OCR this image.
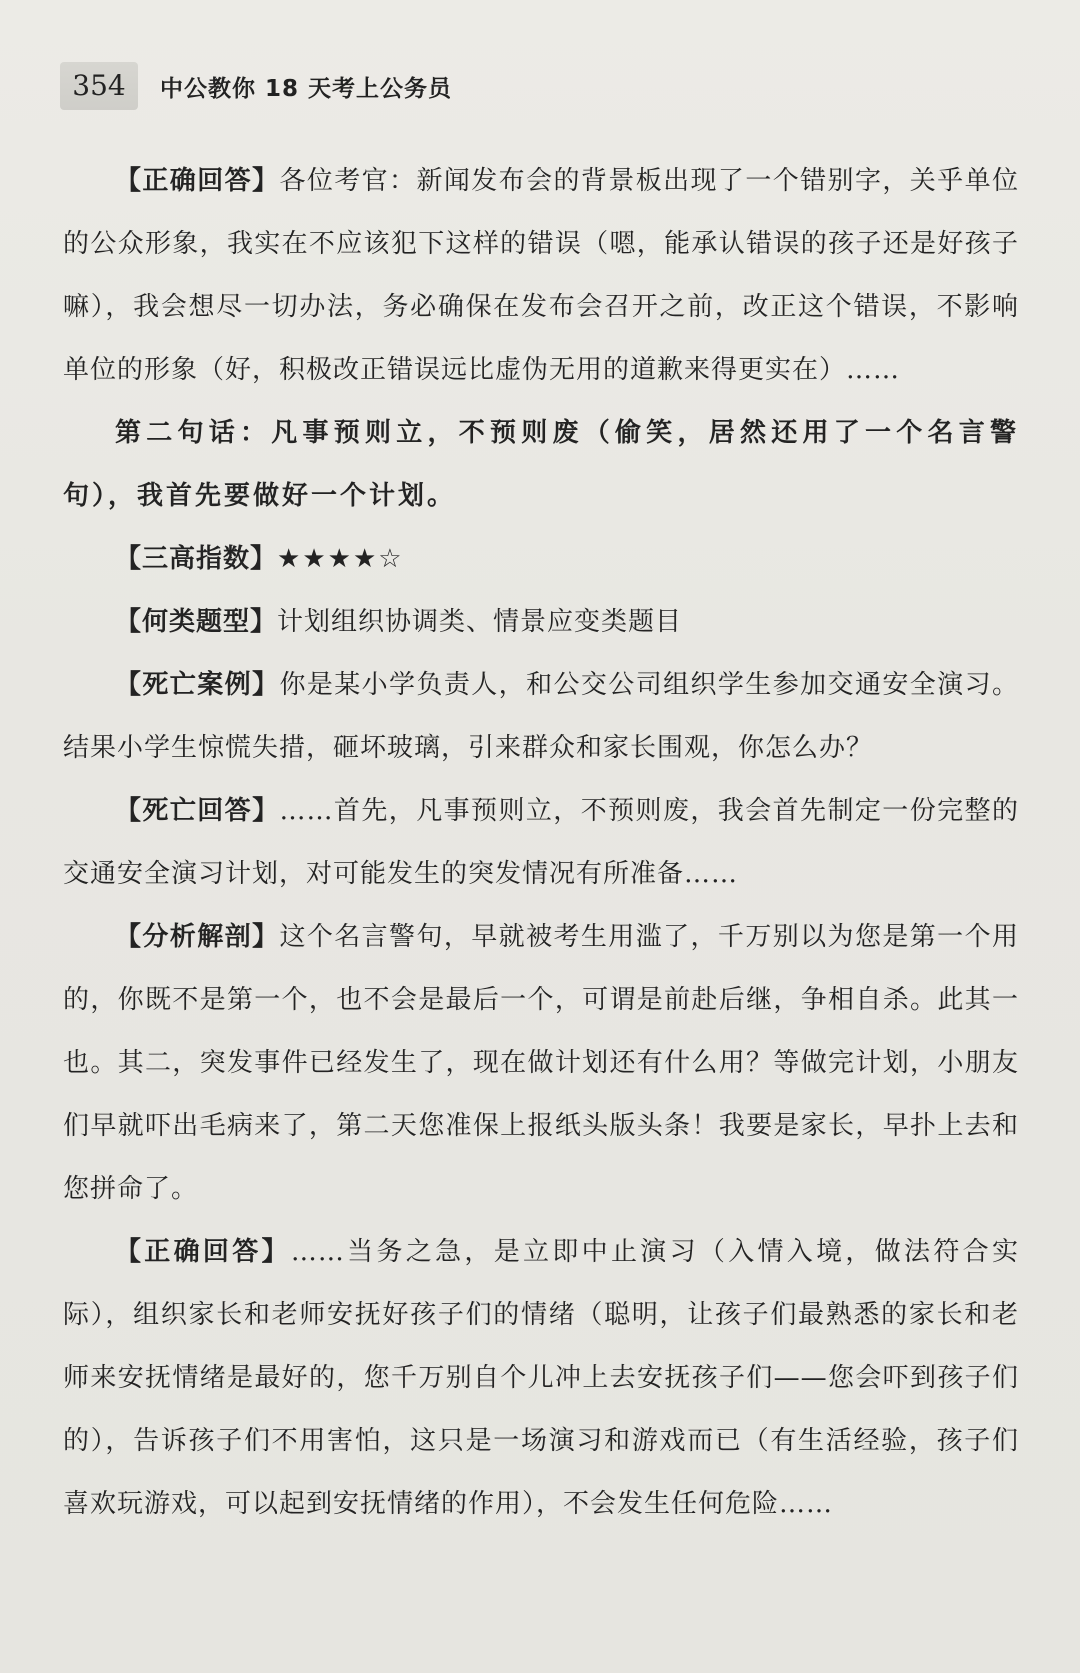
354	中公教你 18 天考上公务员

【正确回答】各位考官：新闻发布会的背景板出现了一个错别字，关乎单位的公众形象，我实在不应该犯下这样的错误（嗯，能承认错误的孩子还是好孩子嘛），我会想尽一切办法，务必确保在发布会召开之前，改正这个错误，不影响单位的形象（好，积极改正错误远比虚伪无用的道歉来得更实在）……

第二句话：凡事预则立，不预则废（偷笑，居然还用了一个名言警句），我首先要做好一个计划。

【三高指数】★★★★☆

【何类题型】计划组织协调类、情景应变类题目

【死亡案例】你是某小学负责人，和公交公司组织学生参加交通安全演习。结果小学生惊慌失措，砸坏玻璃，引来群众和家长围观，你怎么办？

【死亡回答】……首先，凡事预则立，不预则废，我会首先制定一份完整的交通安全演习计划，对可能发生的突发情况有所准备……

【分析解剖】这个名言警句，早就被考生用滥了，千万别以为您是第一个用的，你既不是第一个，也不会是最后一个，可谓是前赴后继，争相自杀。此其一也。其二，突发事件已经发生了，现在做计划还有什么用？等做完计划，小朋友们早就吓出毛病来了，第二天您准保上报纸头版头条！我要是家长，早扑上去和您拼命了。

【正确回答】……当务之急，是立即中止演习（入情入境，做法符合实际），组织家长和老师安抚好孩子们的情绪（聪明，让孩子们最熟悉的家长和老师来安抚情绪是最好的，您千万别自个儿冲上去安抚孩子们——您会吓到孩子们的），告诉孩子们不用害怕，这只是一场演习和游戏而已（有生活经验，孩子们喜欢玩游戏，可以起到安抚情绪的作用），不会发生任何危险……
